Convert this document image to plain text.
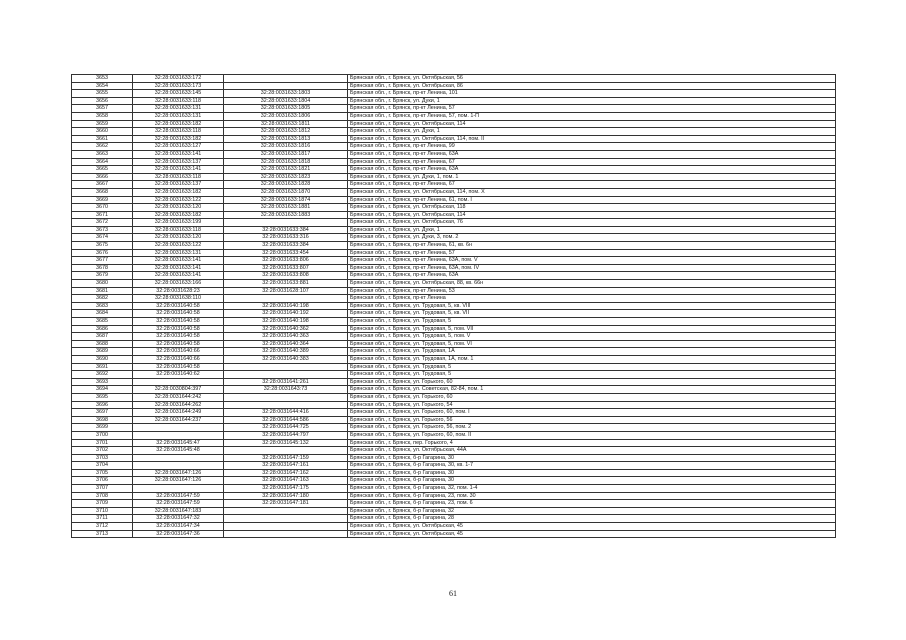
3653	32:28:0031633:172		Брянская обл., г. Брянск, ул. Октябрьская, 56
3654	32:28:0031633:173		Брянская обл., г. Брянск, ул. Октябрьская, 86
3655	32:28:0031633:145	32:28:0031633:1803	Брянская обл., г. Брянск, пр-кт Ленина, 101
3656	32:28:0031633:118	32:28:0031633:1804	Брянская обл., г. Брянск, ул. Дуки, 1
3657	32:28:0031633:131	32:28:0031633:1805	Брянская обл., г. Брянск, пр-кт Ленина, 57
3658	32:28:0031633:131	32:28:0031633:1806	Брянская обл., г. Брянск, пр-кт Ленина, 57, пом. 1-П
3659	32:28:0031633:182	32:28:0031633:1811	Брянская обл., г. Брянск, ул. Октябрьская, 114
3660	32:28:0031633:118	32:28:0031633:1812	Брянская обл., г. Брянск, ул. Дуки, 1
3661	32:28:0031633:182	32:28:0031633:1813	Брянская обл., г. Брянск, ул. Октябрьская, 114, пом. II
3662	32:28:0031633:127	32:28:0031633:1816	Брянская обл., г. Брянск, пр-кт Ленина, 99
3663	32:28:0031633:141	32:28:0031633:1817	Брянская обл., г. Брянск, пр-кт Ленина, 63А
3664	32:28:0031633:137	32:28:0031633:1818	Брянская обл., г. Брянск, пр-кт Ленина, 67
3665	32:28:0031633:141	32:28:0031633:1821	Брянская обл., г. Брянск, пр-кт Ленина, 63А
3666	32:28:0031633:118	32:28:0031633:1823	Брянская обл., г. Брянск, ул. Дуки, 1, пом. 1
3667	32:28:0031633:137	32:28:0031633:1828	Брянская обл., г. Брянск, пр-кт Ленина, 67
3668	32:28:0031633:182	32:28:0031633:1870	Брянская обл., г. Брянск, ул. Октябрьская, 114, пом. X
3669	32:28:0031633:122	32:28:0031633:1874	Брянская обл., г. Брянск, пр-кт Ленина, 61, пом. I
3670	32:28:0031633:120	32:28:0031633:1881	Брянская обл., г. Брянск, ул. Октябрьская, 118
3671	32:28:0031633:182	32:28:0031633:1883	Брянская обл., г. Брянск, ул. Октябрьская, 114
3672	32:28:0031633:199		Брянская обл., г. Брянск, ул. Октябрьская, 76
3673	32:28:0031633:118	32:28:0031633:384	Брянская обл., г. Брянск, ул. Дуки, 1
3674	32:28:0031633:120	32:28:0031633:316	Брянская обл., г. Брянск, ул. Дуки, 3, пом. 2
3675	32:28:0031633:122	32:28:0031633:384	Брянская обл., г. Брянск, пр-кт Ленина, 61, кв. 6н
3676	32:28:0031633:131	32:28:0031633:454	Брянская обл., г. Брянск, пр-кт Ленина, 57
3677	32:28:0031633:141	32:28:0031633:806	Брянская обл., г. Брянск, пр-кт Ленина, 63А, пом. V
3678	32:28:0031633:141	32:28:0031633:807	Брянская обл., г. Брянск, пр-кт Ленина, 63А, пом. IV
3679	32:28:0031633:141	32:28:0031633:808	Брянская обл., г. Брянск, пр-кт Ленина, 63А
3680	32:28:0031633:166	32:28:0031633:881	Брянская обл., г. Брянск, ул. Октябрьская, 88, кв. 66н
3681	32:28:0031628:23	32:28:0031628:107	Брянская обл., г. Брянск, пр-кт Ленина, 53
3682	32:28:0031638:110		Брянская обл., г. Брянск, пр-кт Ленина
3683	32:28:0031640:58	32:28:0031640:198	Брянская обл., г. Брянск, ул. Трудовая, 5, кв. VIII
3684	32:28:0031640:58	32:28:0031640:192	Брянская обл., г. Брянск, ул. Трудовая, 5, кв. VII
3685	32:28:0031640:58	32:28:0031640:198	Брянская обл., г. Брянск, ул. Трудовая, 5
3686	32:28:0031640:58	32:28:0031640:362	Брянская обл., г. Брянск, ул. Трудовая, 5, пом. VII
3687	32:28:0031640:58	32:28:0031640:363	Брянская обл., г. Брянск, ул. Трудовая, 5, пом. V
3688	32:28:0031640:58	32:28:0031640:364	Брянская обл., г. Брянск, ул. Трудовая, 5, пом. VI
3689	32:28:0031640:66	32:28:0031640:389	Брянская обл., г. Брянск, ул. Трудовая, 1А
3690	32:28:0031640:66	32:28:0031640:383	Брянская обл., г. Брянск, ул. Трудовая, 1А, пом. 1
3691	32:28:0031640:58		Брянская обл., г. Брянск, ул. Трудовая, 5
3692	32:28:0031640:62		Брянская обл., г. Брянск, ул. Трудовая, 5
3693		32:28:0031641:261	Брянская обл., г. Брянск, ул. Горького, 60
3694	32:28:0030804:397	32:28:0031643:73	Брянская обл., г. Брянск, ул. Советская, 82-84, пом. 1
3695	32:28:0031644:242		Брянская обл., г. Брянск, ул. Горького, 60
3696	32:28:0031644:262		Брянская обл., г. Брянск, ул. Горького, 54
3697	32:28:0031644:249	32:28:0031644:416	Брянская обл., г. Брянск, ул. Горького, 60, пом. I
3698	32:28:0031644:237	32:28:0031644:586	Брянская обл., г. Брянск, ул. Горького, 56
3699		32:28:0031644:725	Брянская обл., г. Брянск, ул. Горького, 56, пом. 2
3700		32:28:0031644:797	Брянская обл., г. Брянск, ул. Горького, 60, пом. II
3701	32:28:0031645:47	32:28:0031645:132	Брянская обл., г. Брянск, пер. Горького, 4
3702	32:28:0031645:48		Брянская обл., г. Брянск, ул. Октябрьская, 44А
3703		32:28:0031647:159	Брянская обл., г. Брянск, б-р Гагарина, 30
3704		32:28:0031647:161	Брянская обл., г. Брянск, б-р Гагарина, 30, кв. 1-7
3705	32:28:0031647:126	32:28:0031647:162	Брянская обл., г. Брянск, б-р Гагарина, 30
3706	32:28:0031647:126	32:28:0031647:163	Брянская обл., г. Брянск, б-р Гагарина, 30
3707		32:28:0031647:175	Брянская обл., г. Брянск, б-р Гагарина, 32, пом. 1-4
3708	32:28:0031647:59	32:28:0031647:180	Брянская обл., г. Брянск, б-р Гагарина, 23, пом. 30
3709	32:28:0031647:59	32:28:0031647:181	Брянская обл., г. Брянск, б-р Гагарина, 23, пом. 6
3710	32:28:0031647:183		Брянская обл., г. Брянск, б-р Гагарина, 32
3711	32:28:0031647:32		Брянская обл., г. Брянск, б-р Гагарина, 28
3712	32:28:0031647:34		Брянская обл., г. Брянск, ул. Октябрьская, 45
3713	32:28:0031647:36		Брянская обл., г. Брянск, ул. Октябрьская, 45
61
